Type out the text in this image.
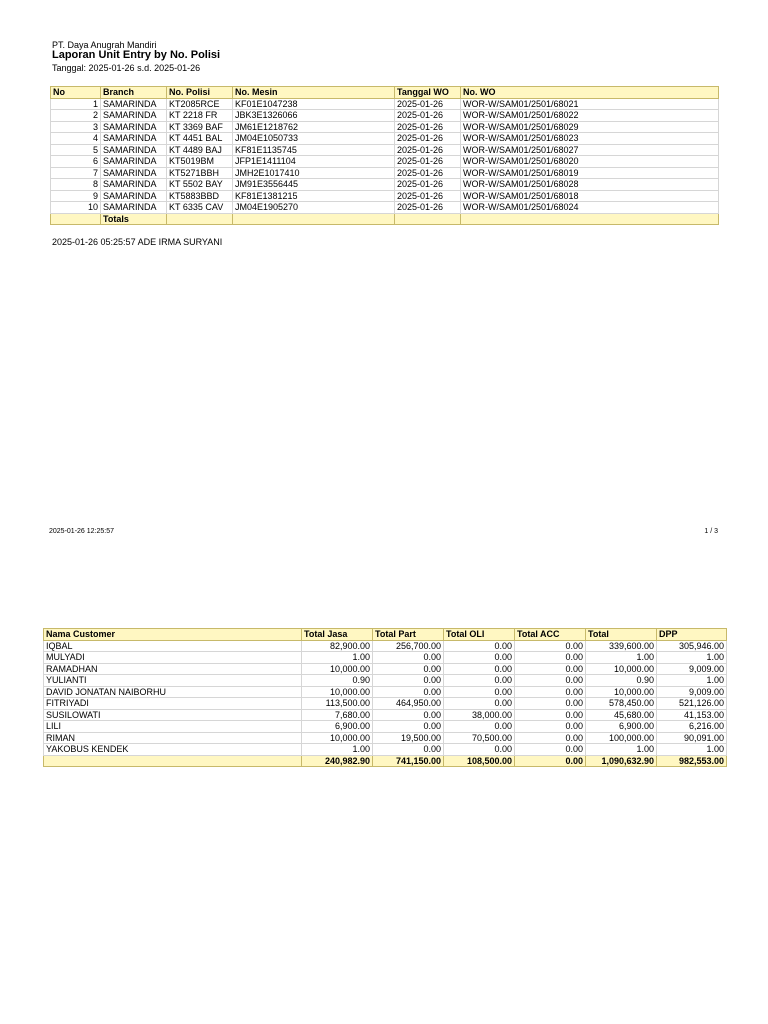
PT. Daya Anugrah Mandiri
Laporan Unit Entry by No. Polisi
Tanggal: 2025-01-26 s.d. 2025-01-26
No	Branch	No. Polisi	No. Mesin	Tanggal WO	No. WO
1	SAMARINDA	KT2085RCE	KF01E1047238	2025-01-26	WOR-W/SAM01/2501/68021
2	SAMARINDA	KT 2218 FR	JBK3E1326066	2025-01-26	WOR-W/SAM01/2501/68022
3	SAMARINDA	KT 3369 BAF	JM61E1218762	2025-01-26	WOR-W/SAM01/2501/68029
4	SAMARINDA	KT 4451 BAL	JM04E1050733	2025-01-26	WOR-W/SAM01/2501/68023
5	SAMARINDA	KT 4489 BAJ	KF81E1135745	2025-01-26	WOR-W/SAM01/2501/68027
6	SAMARINDA	KT5019BM	JFP1E1411104	2025-01-26	WOR-W/SAM01/2501/68020
7	SAMARINDA	KT5271BBH	JMH2E1017410	2025-01-26	WOR-W/SAM01/2501/68019
8	SAMARINDA	KT 5502 BAY	JM91E3556445	2025-01-26	WOR-W/SAM01/2501/68028
9	SAMARINDA	KT5883BBD	KF81E1381215	2025-01-26	WOR-W/SAM01/2501/68018
10	SAMARINDA	KT 6335 CAV	JM04E1905270	2025-01-26	WOR-W/SAM01/2501/68024
	Totals				
2025-01-26 05:25:57 ADE IRMA SURYANI
2025-01-26 12:25:57	1 / 3
Nama Customer	Total Jasa	Total Part	Total OLI	Total ACC	Total	DPP
IQBAL	82,900.00	256,700.00	0.00	0.00	339,600.00	305,946.00
MULYADI	1.00	0.00	0.00	0.00	1.00	1.00
RAMADHAN	10,000.00	0.00	0.00	0.00	10,000.00	9,009.00
YULIANTI	0.90	0.00	0.00	0.00	0.90	1.00
DAVID JONATAN NAIBORHU	10,000.00	0.00	0.00	0.00	10,000.00	9,009.00
FITRIYADI	113,500.00	464,950.00	0.00	0.00	578,450.00	521,126.00
SUSILOWATI	7,680.00	0.00	38,000.00	0.00	45,680.00	41,153.00
LILI	6,900.00	0.00	0.00	0.00	6,900.00	6,216.00
RIMAN	10,000.00	19,500.00	70,500.00	0.00	100,000.00	90,091.00
YAKOBUS KENDEK	1.00	0.00	0.00	0.00	1.00	1.00
	240,982.90	741,150.00	108,500.00	0.00	1,090,632.90	982,553.00
